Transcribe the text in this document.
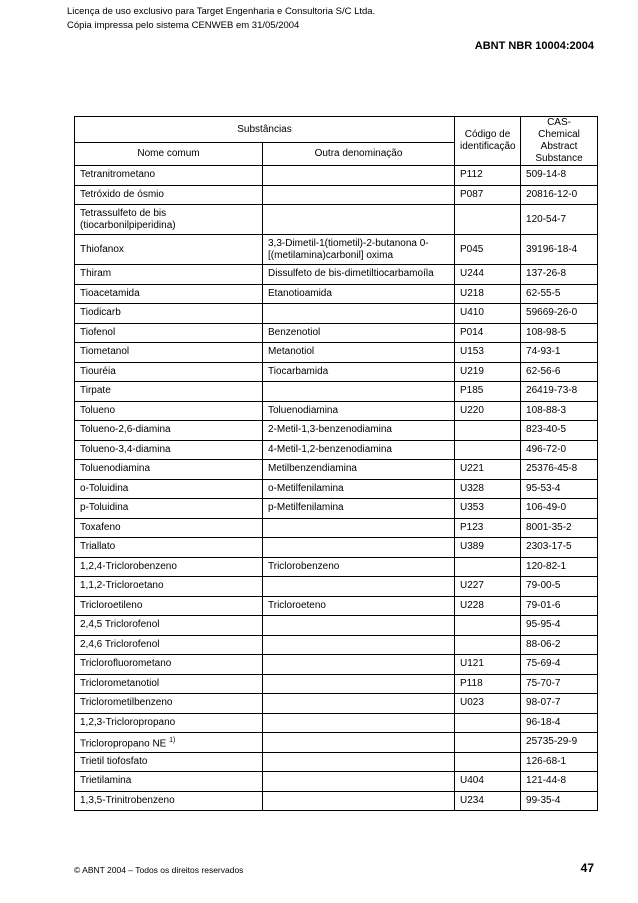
Licença de uso exclusivo para Target Engenharia e Consultoria S/C Ltda.
Cópia impressa pelo sistema CENWEB em 31/05/2004
ABNT NBR 10004:2004
Substâncias		Código de identificação	CAS- Chemical Abstract Substance
Nome comum	Outra denominação		
Tetranitrometano		P112	509-14-8
Tetróxido de ósmio		P087	20816-12-0
Tetrassulfeto de bis (tiocarbonilpiperidina)			120-54-7
Thiofanox	3,3-Dimetil-1(tiometil)-2-butanona 0-[(metilamina)carbonil] oxima	P045	39196-18-4
Thiram	Dissulfeto de bis-dimetiltiocarbamoíla	U244	137-26-8
Tioacetamida	Etanotioamida	U218	62-55-5
Tiodicarb		U410	59669-26-0
Tiofenol	Benzenotiol	P014	108-98-5
Tiometanol	Metanotiol	U153	74-93-1
Tiouréia	Tiocarbamida	U219	62-56-6
Tirpate		P185	26419-73-8
Tolueno	Toluenodiamina	U220	108-88-3
Tolueno-2,6-diamina	2-Metil-1,3-benzenodiamina		823-40-5
Tolueno-3,4-diamina	4-Metil-1,2-benzenodiamina		496-72-0
Toluenodiamina	Metilbenzendiamina	U221	25376-45-8
o-Toluidina	o-Metilfenilamina	U328	95-53-4
p-Toluidina	p-Metilfenilamina	U353	106-49-0
Toxafeno		P123	8001-35-2
Triallato		U389	2303-17-5
1,2,4-Triclorobenzeno	Triclorobenzeno		120-82-1
1,1,2-Tricloroetano		U227	79-00-5
Tricloroetileno	Tricloroeteno	U228	79-01-6
2,4,5 Triclorofenol			95-95-4
2,4,6 Triclorofenol			88-06-2
Triclorofluorometano		U121	75-69-4
Triclorometanotiol		P118	75-70-7
Triclorometilbenzeno		U023	98-07-7
1,2,3-Tricloropropano			96-18-4
Tricloropropano NE $^{1)}$			25735-29-9
Trietil tiofosfato			126-68-1
Trietilamina		U404	121-44-8
1,3,5-Trinitrobenzeno		U234	99-35-4
© ABNT 2004 – Todos os direitos reservados	47
